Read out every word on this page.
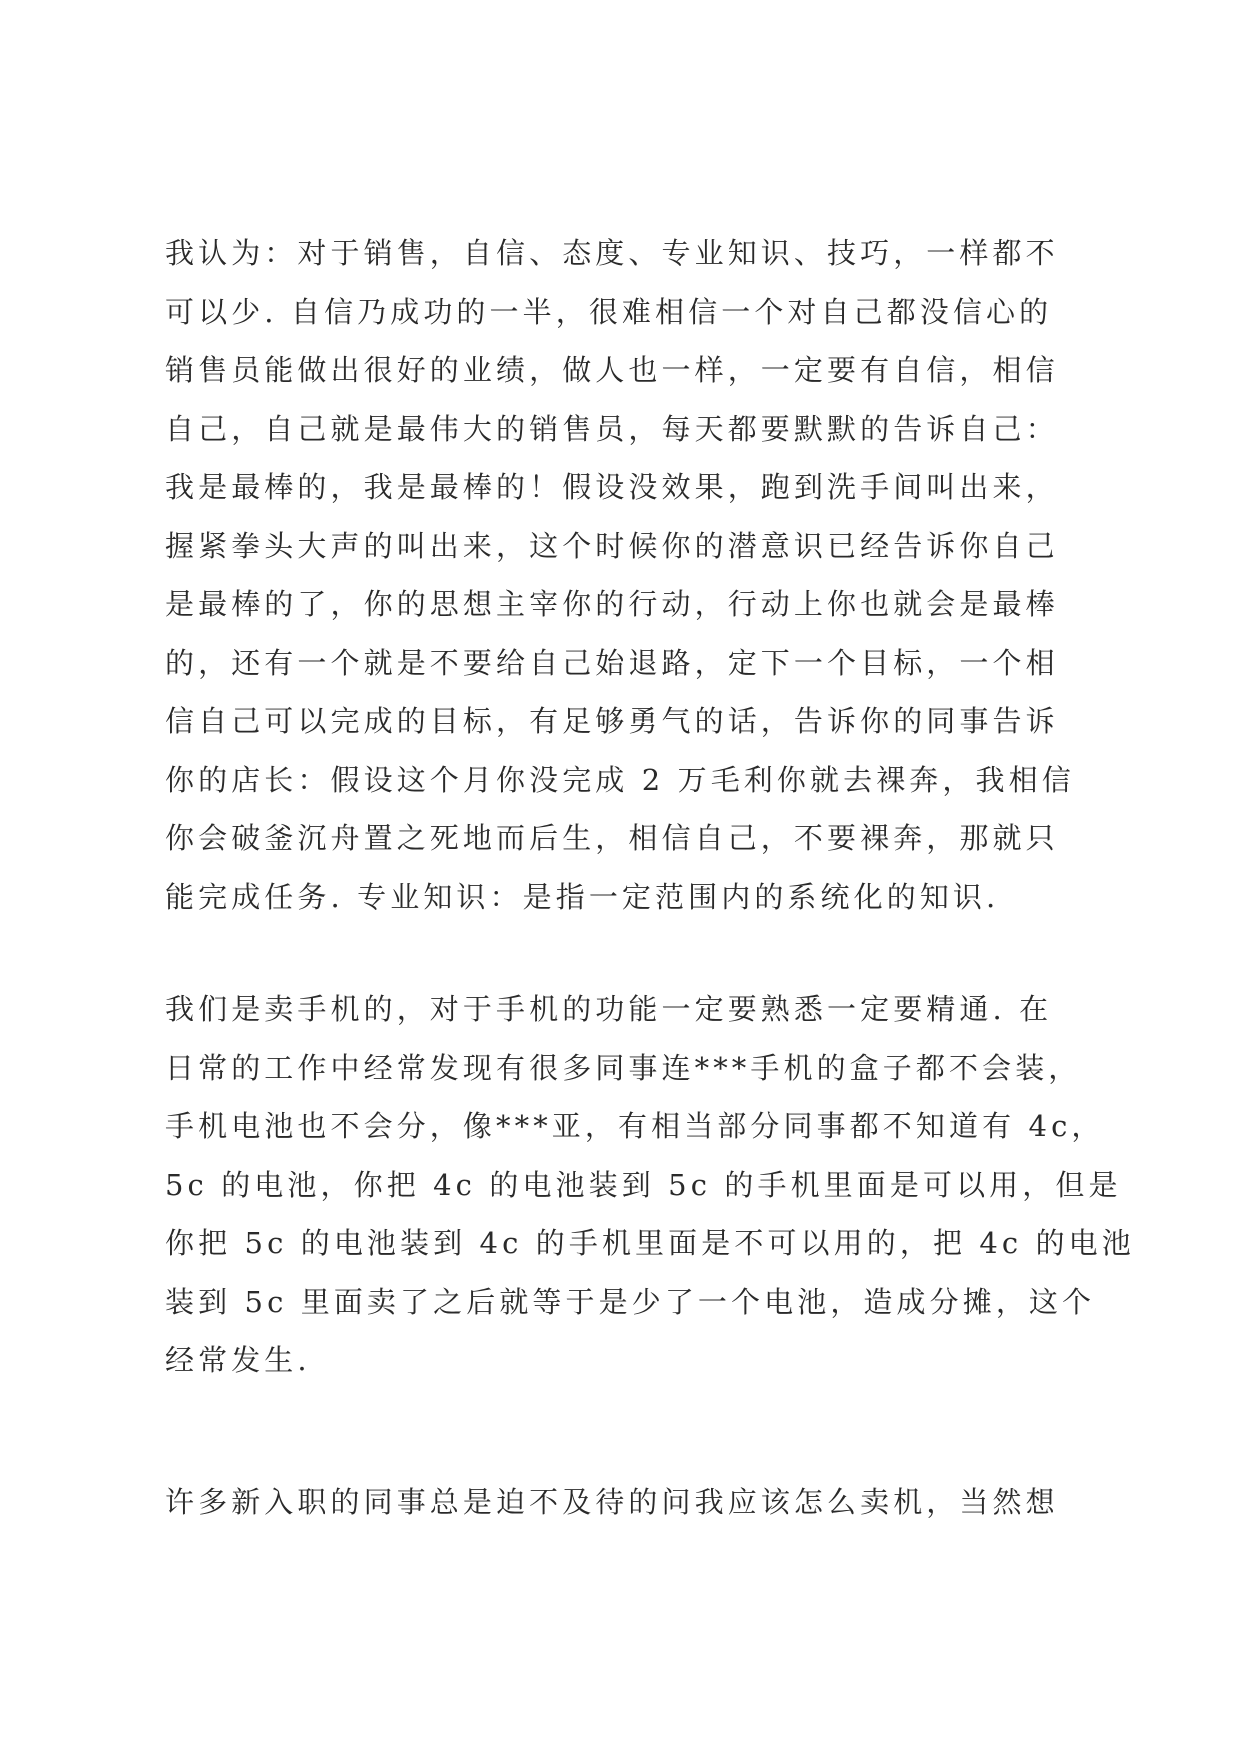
我认为：对于销售，自信、态度、专业知识、技巧，一样都不
可以少. 自信乃成功的一半，很难相信一个对自己都没信心的
销售员能做出很好的业绩，做人也一样，一定要有自信，相信
自己，自己就是最伟大的销售员，每天都要默默的告诉自己：
我是最棒的，我是最棒的！假设没效果，跑到洗手间叫出来，
握紧拳头大声的叫出来，这个时候你的潜意识已经告诉你自己
是最棒的了，你的思想主宰你的行动，行动上你也就会是最棒
的，还有一个就是不要给自己始退路，定下一个目标，一个相
信自己可以完成的目标，有足够勇气的话，告诉你的同事告诉
你的店长：假设这个月你没完成 2 万毛利你就去裸奔，我相信
你会破釜沉舟置之死地而后生，相信自己，不要裸奔，那就只
能完成任务. 专业知识：是指一定范围内的系统化的知识.
我们是卖手机的，对于手机的功能一定要熟悉一定要精通. 在
日常的工作中经常发现有很多同事连***手机的盒子都不会装，
手机电池也不会分，像***亚，有相当部分同事都不知道有 4c，
5c 的电池，你把 4c 的电池装到 5c 的手机里面是可以用，但是
你把 5c 的电池装到 4c 的手机里面是不可以用的，把 4c 的电池
装到 5c 里面卖了之后就等于是少了一个电池，造成分摊，这个
经常发生.
许多新入职的同事总是迫不及待的问我应该怎么卖机，当然想
